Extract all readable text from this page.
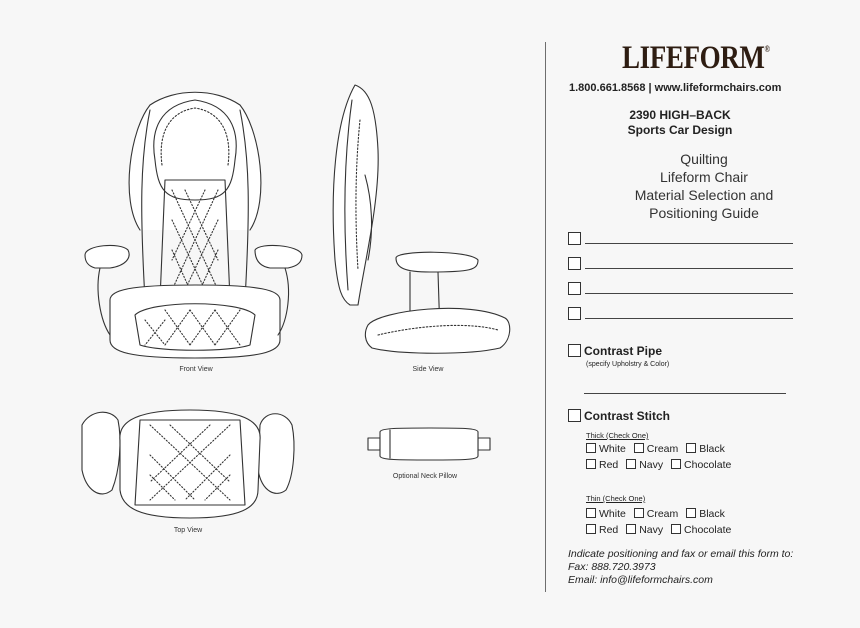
Front View	Side View
Top View
Optional Neck Pillow
LIFEFORM®
1.800.661.8568 | www.lifeformchairs.com
2390 HIGH–BACK
Sports Car Design
Quilting
Lifeform Chair
Material Selection and
Positioning Guide
Contrast Pipe
(specify Upholstry & Color)
Contrast Stitch
Thick (Check One)
White Cream Black
Red Navy Chocolate
Thin (Check One)
White Cream Black
Red Navy Chocolate
Indicate positioning and fax or email this form to:
Fax: 888.720.3973
Email: info@lifeformchairs.com
